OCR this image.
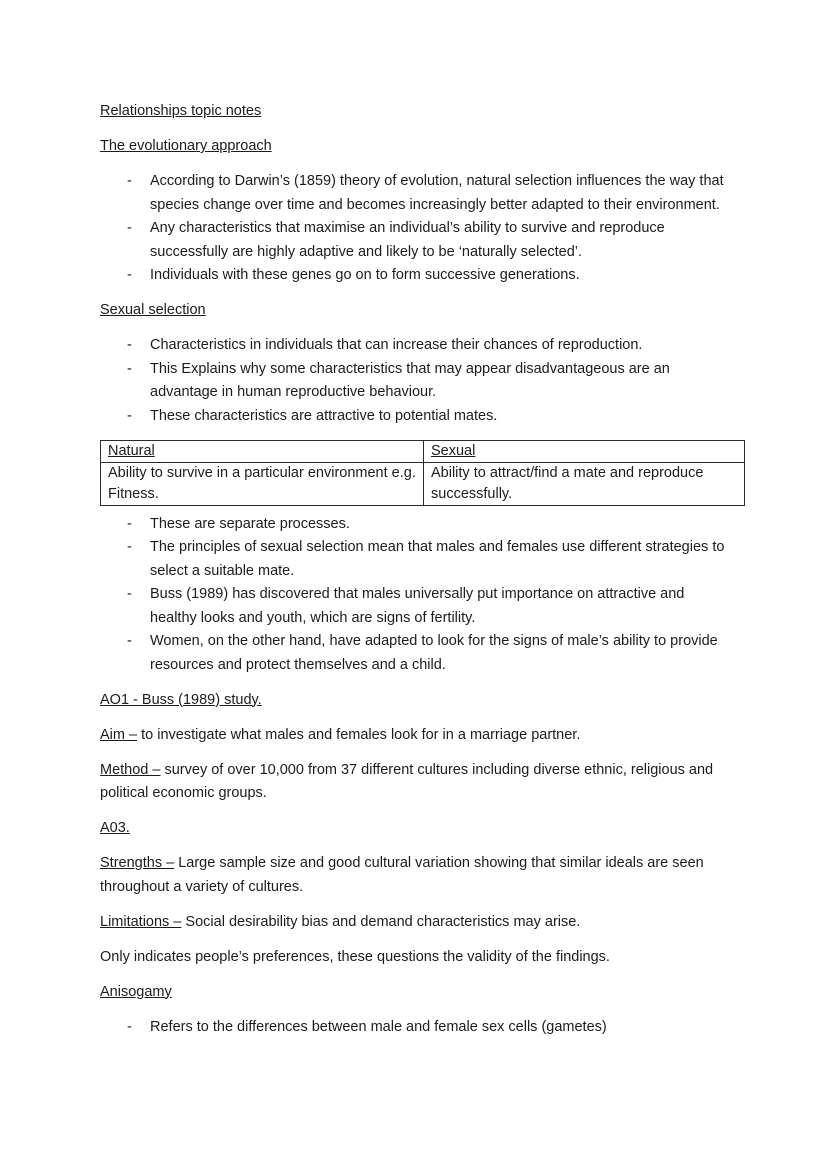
Relationships topic notes
The evolutionary approach
- According to Darwin’s (1859) theory of evolution, natural selection influences the way that species change over time and becomes increasingly better adapted to their environment.
- Any characteristics that maximise an individual’s ability to survive and reproduce successfully are highly adaptive and likely to be ‘naturally selected’.
- Individuals with these genes go on to form successive generations.
Sexual selection
- Characteristics in individuals that can increase their chances of reproduction.
- This Explains why some characteristics that may appear disadvantageous are an advantage in human reproductive behaviour.
- These characteristics are attractive to potential mates.
Natural	Sexual
Ability to survive in a particular environment e.g. Fitness.	Ability to attract/find a mate and reproduce successfully.
- These are separate processes.
- The principles of sexual selection mean that males and females use different strategies to select a suitable mate.
- Buss (1989) has discovered that males universally put importance on attractive and healthy looks and youth, which are signs of fertility.
- Women, on the other hand, have adapted to look for the signs of male’s ability to provide resources and protect themselves and a child.
AO1 - Buss (1989) study.

Aim – to investigate what males and females look for in a marriage partner.

Method – survey of over 10,000 from 37 different cultures including diverse ethnic, religious and political economic groups.

A03.

Strengths – Large sample size and good cultural variation showing that similar ideals are seen throughout a variety of cultures.

Limitations – Social desirability bias and demand characteristics may arise.

Only indicates people’s preferences, these questions the validity of the findings.

Anisogamy
- Refers to the differences between male and female sex cells (gametes)
